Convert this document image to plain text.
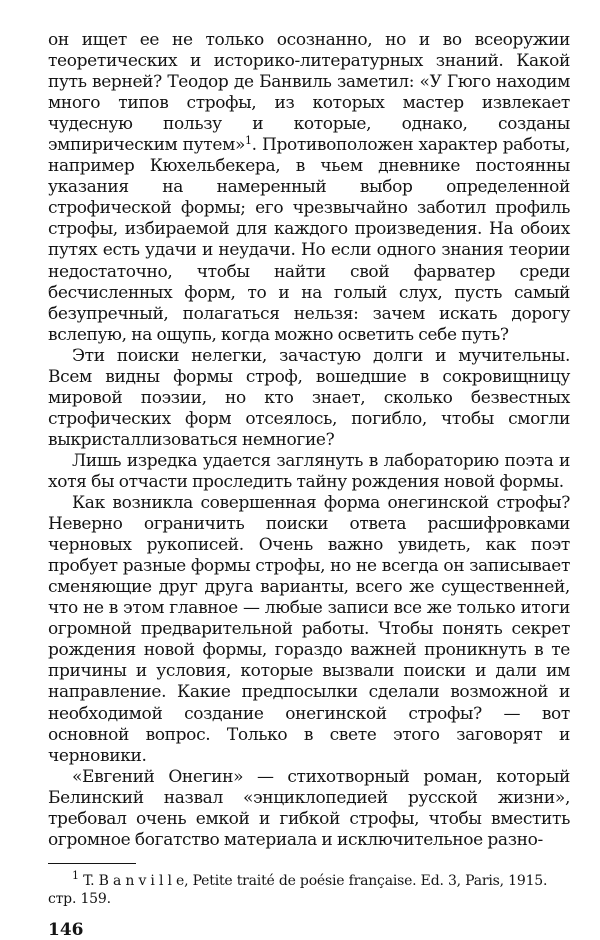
он ищет ее не только осознанно, но и во всеоружии теоретических и историко-литературных знаний. Какой путь верней? Теодор де Банвиль заметил: «У Гюго находим много типов строфы, из которых мастер извлекает чудесную пользу и которые, однако, созданы эмпирическим путем»$^1$. Противоположен характер работы, например Кюхельбекера, в чьем дневнике постоянны указания на намеренный выбор определенной строфической формы; его чрезвычайно заботил профиль строфы, избираемой для каждого произведения. На обоих путях есть удачи и неудачи. Но если одного знания теории недостаточно, чтобы найти свой фарватер среди бесчисленных форм, то и на голый слух, пусть самый безупречный, полагаться нельзя: зачем искать дорогу вслепую, на ощупь, когда можно осветить себе путь?

Эти поиски нелегки, зачастую долги и мучительны. Всем видны формы строф, вошедшие в сокровищницу мировой поэзии, но кто знает, сколько безвестных строфических форм отсеялось, погибло, чтобы смогли выкристаллизоваться немногие?

Лишь изредка удается заглянуть в лабораторию поэта и хотя бы отчасти проследить тайну рождения новой формы.

Как возникла совершенная форма онегинской строфы? Неверно ограничить поиски ответа расшифровками черновых рукописей. Очень важно увидеть, как поэт пробует разные формы строфы, но не всегда он записывает сменяющие друг друга варианты, всего же существенней, что не в этом главное — любые записи все же только итоги огромной предварительной работы. Чтобы понять секрет рождения новой формы, гораздо важней проникнуть в те причины и условия, которые вызвали поиски и дали им направление. Какие предпосылки сделали возможной и необходимой создание онегинской строфы? — вот основной вопрос. Только в свете этого заговорят и черновики.

«Евгений Онегин» — стихотворный роман, который Белинский назвал «энциклопедией русской жизни», требовал очень емкой и гибкой строфы, чтобы вместить огромное богатство материала и исключительное разно-

$^1$ T. B a n v i l l e, Petite traité de poésie française. Ed. 3, Paris, 1915. стр. 159.

146
